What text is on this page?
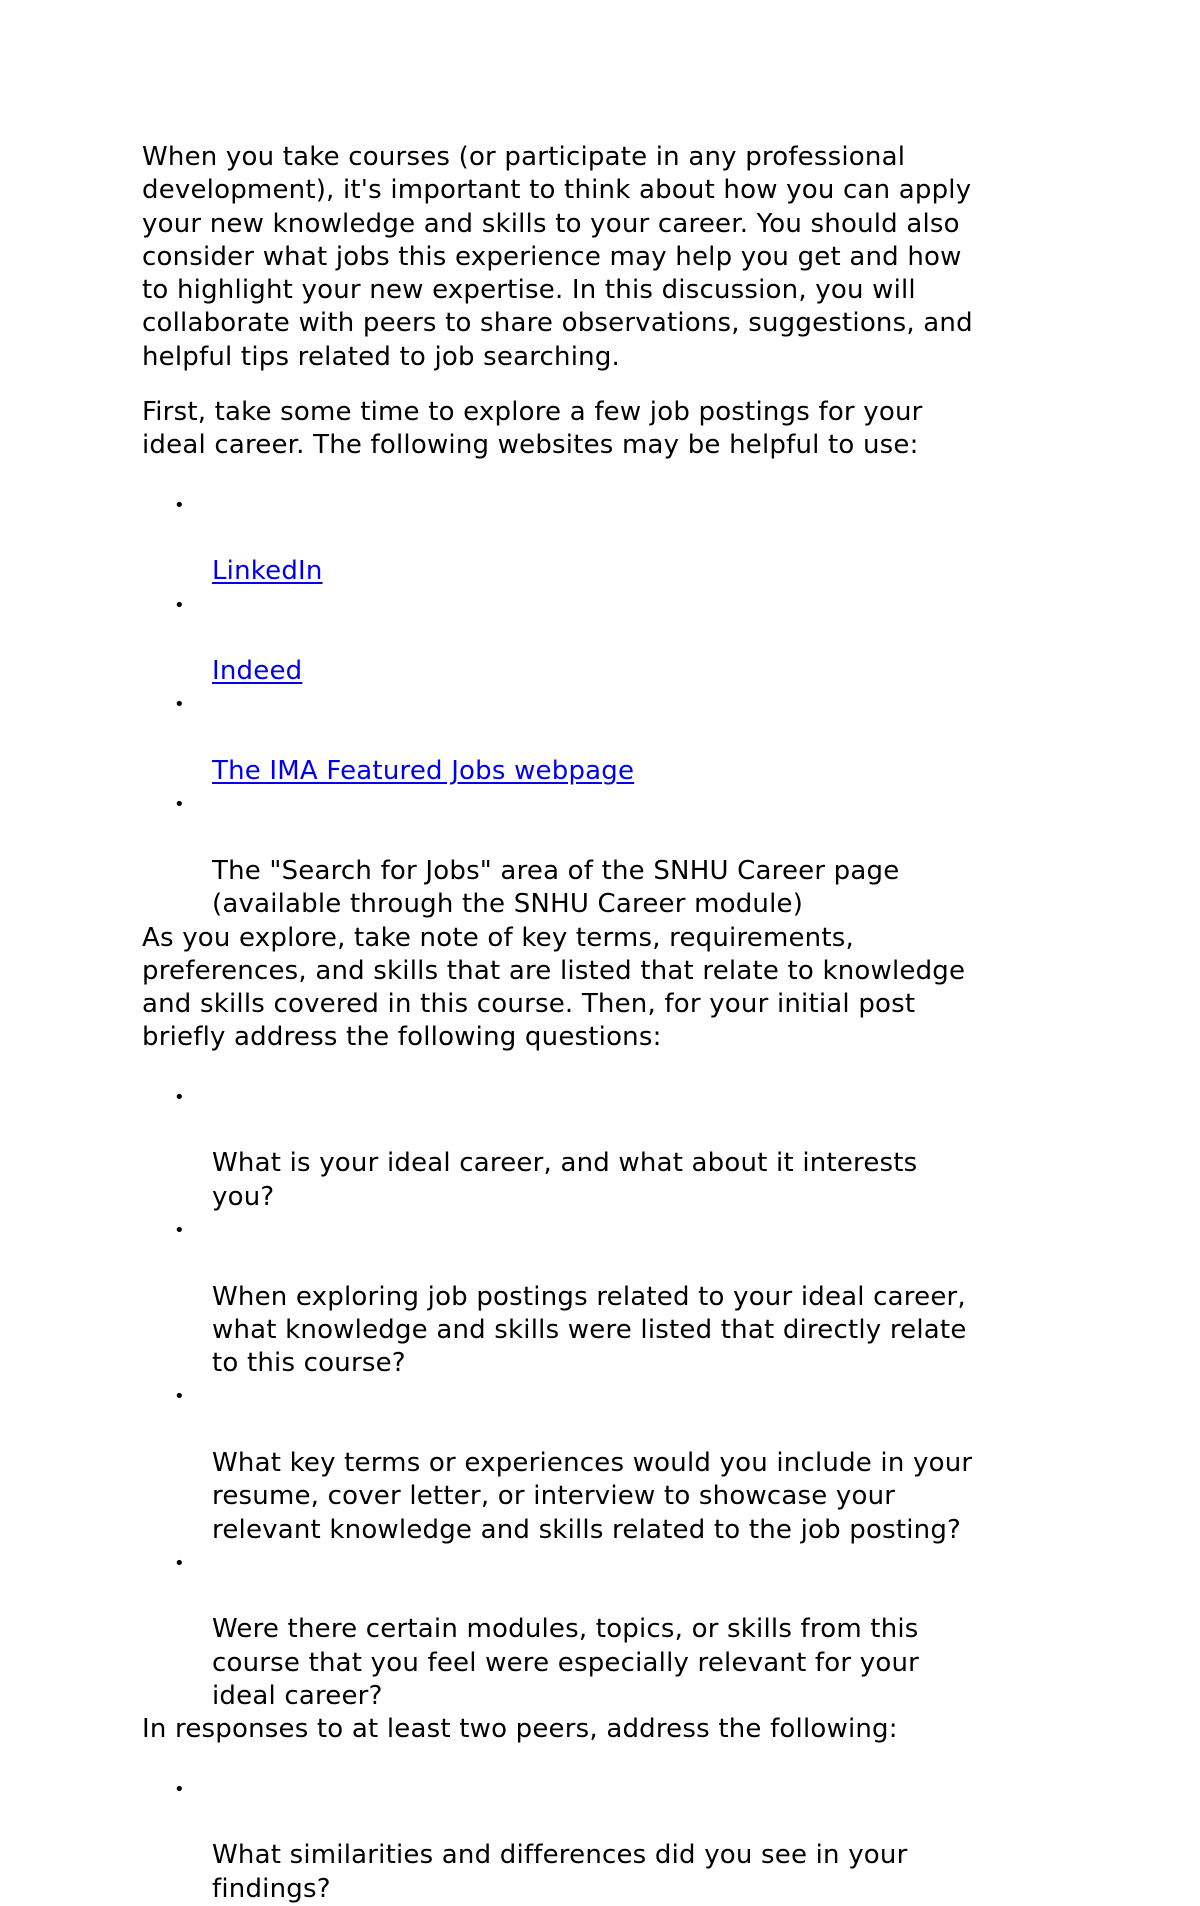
When you take courses (or participate in any professional
development), it's important to think about how you can apply
your new knowledge and skills to your career. You should also
consider what jobs this experience may help you get and how
to highlight your new expertise. In this discussion, you will
collaborate with peers to share observations, suggestions, and
helpful tips related to job searching.

First, take some time to explore a few job postings for your
ideal career. The following websites may be helpful to use:

•

LinkedIn

•

Indeed

•

The IMA Featured Jobs webpage

•

The "Search for Jobs" area of the SNHU Career page
(available through the SNHU Career module)

As you explore, take note of key terms, requirements,
preferences, and skills that are listed that relate to knowledge
and skills covered in this course. Then, for your initial post
briefly address the following questions:

•

What is your ideal career, and what about it interests
you?

•

When exploring job postings related to your ideal career,
what knowledge and skills were listed that directly relate
to this course?

•

What key terms or experiences would you include in your
resume, cover letter, or interview to showcase your
relevant knowledge and skills related to the job posting?

•

Were there certain modules, topics, or skills from this
course that you feel were especially relevant for your
ideal career?

In responses to at least two peers, address the following:

•

What similarities and differences did you see in your
findings?
